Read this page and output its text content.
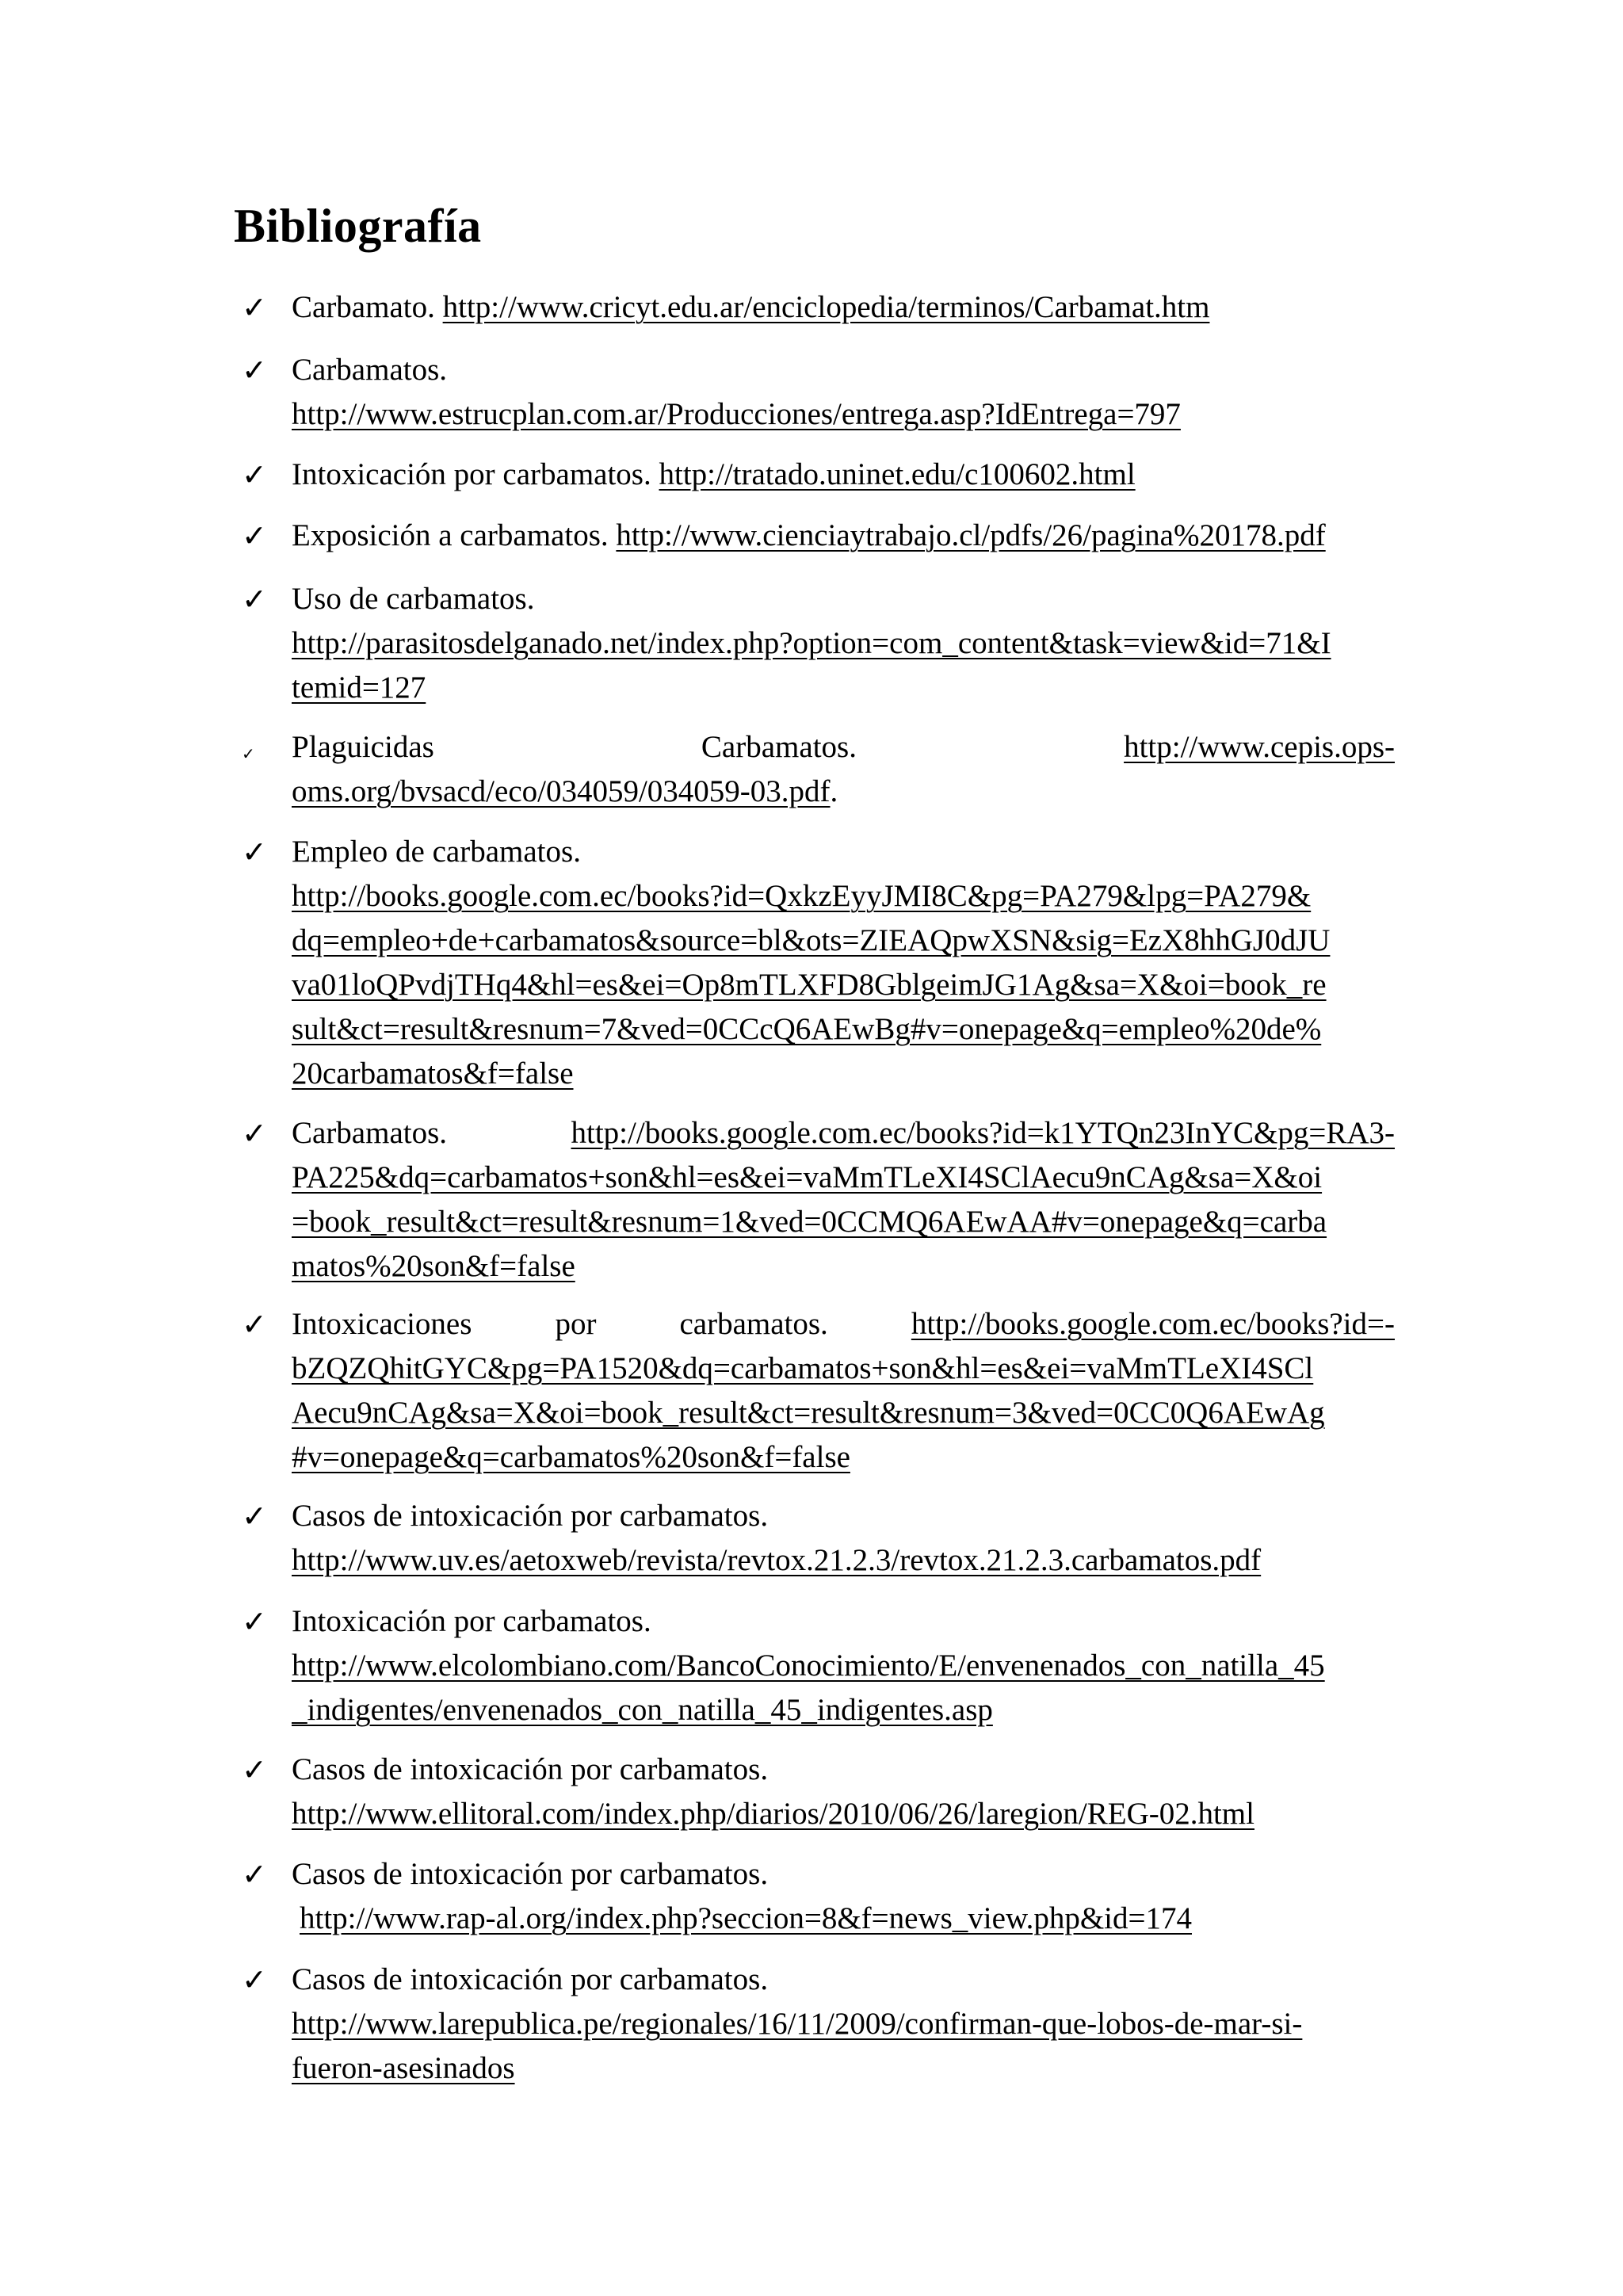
Bibliografía
✓ Carbamato. http://www.cricyt.edu.ar/enciclopedia/terminos/Carbamat.htm
✓ Carbamatos.
http://www.estrucplan.com.ar/Producciones/entrega.asp?IdEntrega=797
✓ Intoxicación por carbamatos. http://tratado.uninet.edu/c100602.html
✓ Exposición a carbamatos. http://www.cienciaytrabajo.cl/pdfs/26/pagina%20178.pdf
✓ Uso de carbamatos.
http://parasitosdelganado.net/index.php?option=com_content&task=view&id=71&I
temid=127
✓ Plaguicidas	Carbamatos.	http://www.cepis.ops-
oms.org/bvsacd/eco/034059/034059-03.pdf.
✓ Empleo de carbamatos.
http://books.google.com.ec/books?id=QxkzEyyJMI8C&pg=PA279&lpg=PA279&
dq=empleo+de+carbamatos&source=bl&ots=ZIEAQpwXSN&sig=EzX8hhGJ0dJU
va01loQPvdjTHq4&hl=es&ei=Op8mTLXFD8GblgeimJG1Ag&sa=X&oi=book_re
sult&ct=result&resnum=7&ved=0CCcQ6AEwBg#v=onepage&q=empleo%20de%
20carbamatos&f=false
✓ Carbamatos.	http://books.google.com.ec/books?id=k1YTQn23InYC&pg=RA3-
PA225&dq=carbamatos+son&hl=es&ei=vaMmTLeXI4SClAecu9nCAg&sa=X&oi
=book_result&ct=result&resnum=1&ved=0CCMQ6AEwAA#v=onepage&q=carba
matos%20son&f=false
✓ Intoxicaciones	por	carbamatos.	http://books.google.com.ec/books?id=-
bZQZQhitGYC&pg=PA1520&dq=carbamatos+son&hl=es&ei=vaMmTLeXI4SCl
Aecu9nCAg&sa=X&oi=book_result&ct=result&resnum=3&ved=0CC0Q6AEwAg
#v=onepage&q=carbamatos%20son&f=false
✓ Casos de intoxicación por carbamatos.
http://www.uv.es/aetoxweb/revista/revtox.21.2.3/revtox.21.2.3.carbamatos.pdf
✓ Intoxicación por carbamatos.
http://www.elcolombiano.com/BancoConocimiento/E/envenenados_con_natilla_45
_indigentes/envenenados_con_natilla_45_indigentes.asp
✓ Casos de intoxicación por carbamatos.
http://www.ellitoral.com/index.php/diarios/2010/06/26/laregion/REG-02.html
✓ Casos de intoxicación por carbamatos.
http://www.rap-al.org/index.php?seccion=8&f=news_view.php&id=174
✓ Casos de intoxicación por carbamatos.
http://www.larepublica.pe/regionales/16/11/2009/confirman-que-lobos-de-mar-si-
fueron-asesinados
